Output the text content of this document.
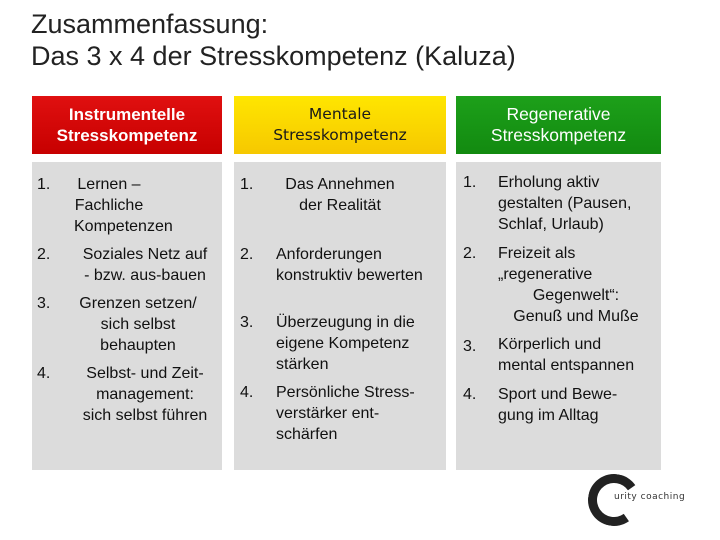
Zusammenfassung:
Das 3 x 4 der Stresskompetenz (Kaluza)
Instrumentelle
Stresskompetenz
Mentale
Stresskompetenz
Regenerative
Stresskompetenz
1. Lernen –
Fachliche
Kompetenzen
2.	Soziales Netz auf
- bzw. aus-bauen
3.	Grenzen setzen/
sich selbst
behaupten
4.	Selbst- und Zeit-
management:
sich selbst führen
1.	Das Annehmen
der Realität
2. Anforderungen
konstruktiv bewerten
3. Überzeugung in die
eigene Kompetenz
stärken
4. Persönliche Stress-
verstärker ent-
schärfen
1. Erholung aktiv
gestalten (Pausen,
Schlaf, Urlaub)
2. Freizeit als
„regenerative
Gegenwelt“:
Genuß und Muße
3. Körperlich und
mental entspannen
4. Sport und Bewe-
gung im Alltag
urity coaching
